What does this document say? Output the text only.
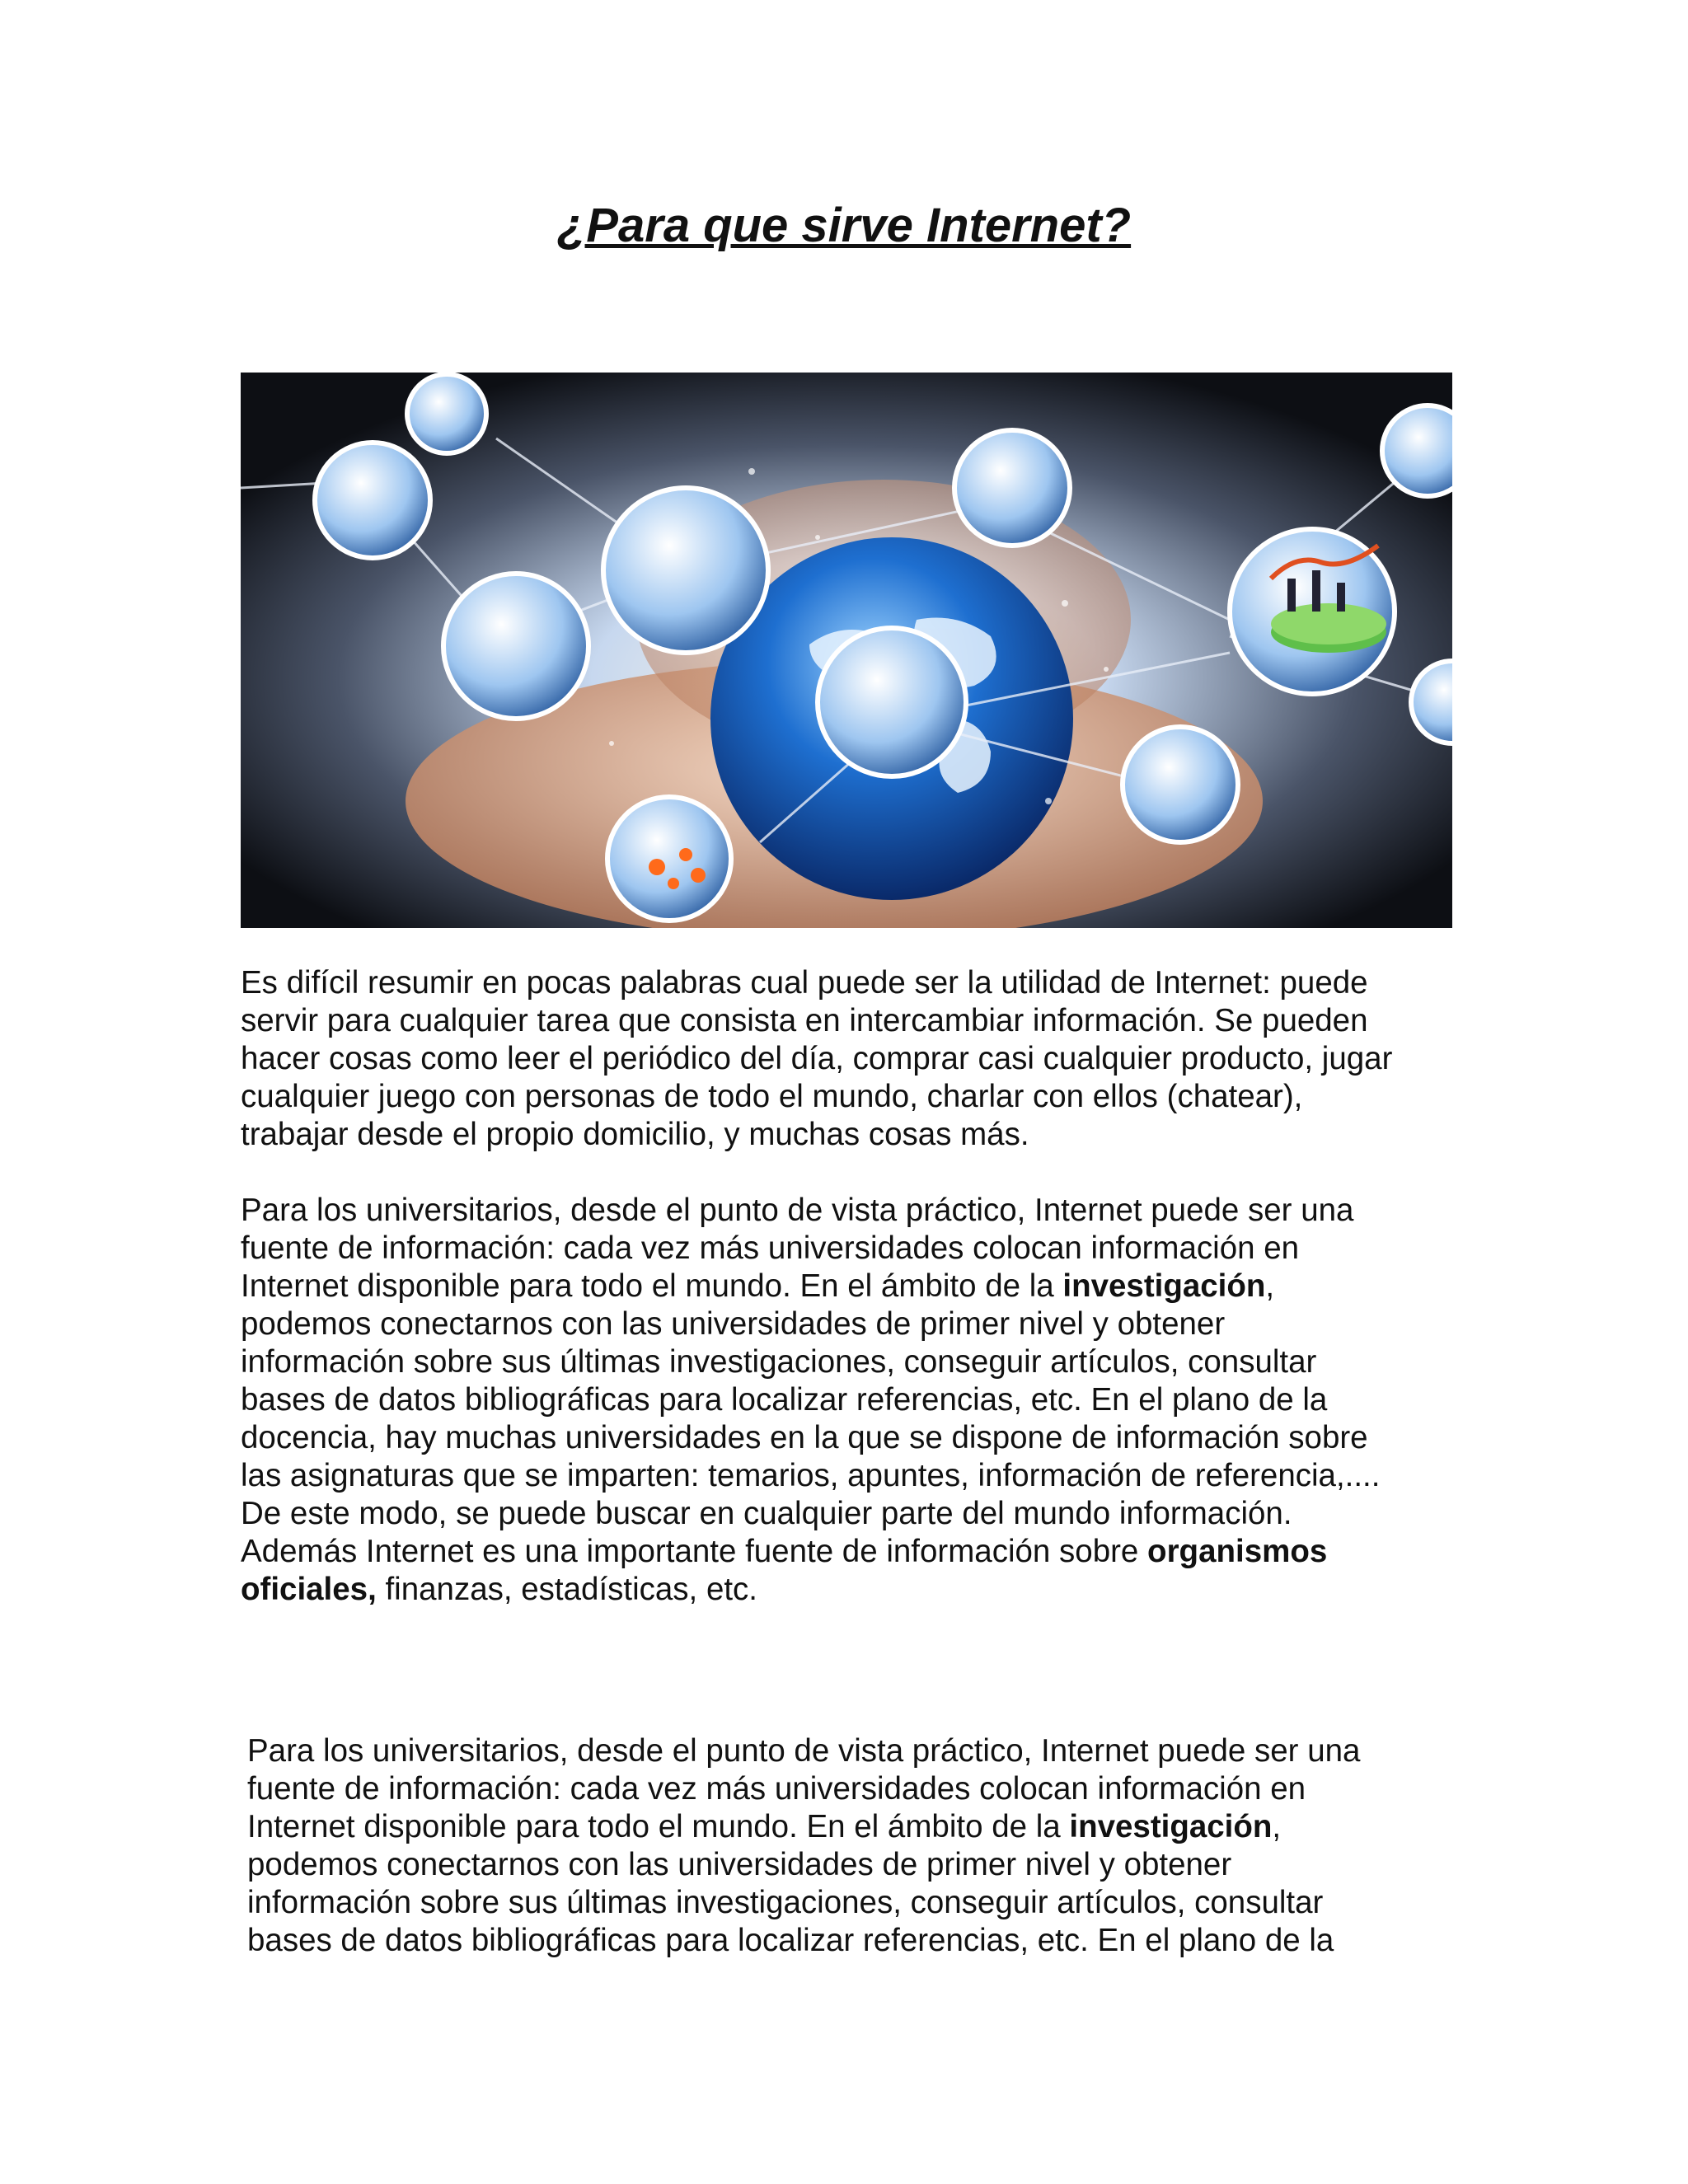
¿Para que sirve Internet?

Es difícil resumir en pocas palabras cual puede ser la utilidad de Internet: puede
servir para cualquier tarea que consista en intercambiar información. Se pueden
hacer cosas como leer el periódico del día, comprar casi cualquier producto, jugar
cualquier juego con personas de todo el mundo, charlar con ellos (chatear),
trabajar desde el propio domicilio, y muchas cosas más.

Para los universitarios, desde el punto de vista práctico, Internet puede ser una
fuente de información: cada vez más universidades colocan información en
Internet disponible para todo el mundo. En el ámbito de la investigación,
podemos conectarnos con las universidades de primer nivel y obtener
información sobre sus últimas investigaciones, conseguir artículos, consultar
bases de datos bibliográficas para localizar referencias, etc. En el plano de la
docencia, hay muchas universidades en la que se dispone de información sobre
las asignaturas que se imparten: temarios, apuntes, información de referencia,....
De este modo, se puede buscar en cualquier parte del mundo información.
Además Internet es una importante fuente de información sobre organismos
oficiales, finanzas, estadísticas, etc.

Para los universitarios, desde el punto de vista práctico, Internet puede ser una
fuente de información: cada vez más universidades colocan información en
Internet disponible para todo el mundo. En el ámbito de la investigación,
podemos conectarnos con las universidades de primer nivel y obtener
información sobre sus últimas investigaciones, conseguir artículos, consultar
bases de datos bibliográficas para localizar referencias, etc. En el plano de la
